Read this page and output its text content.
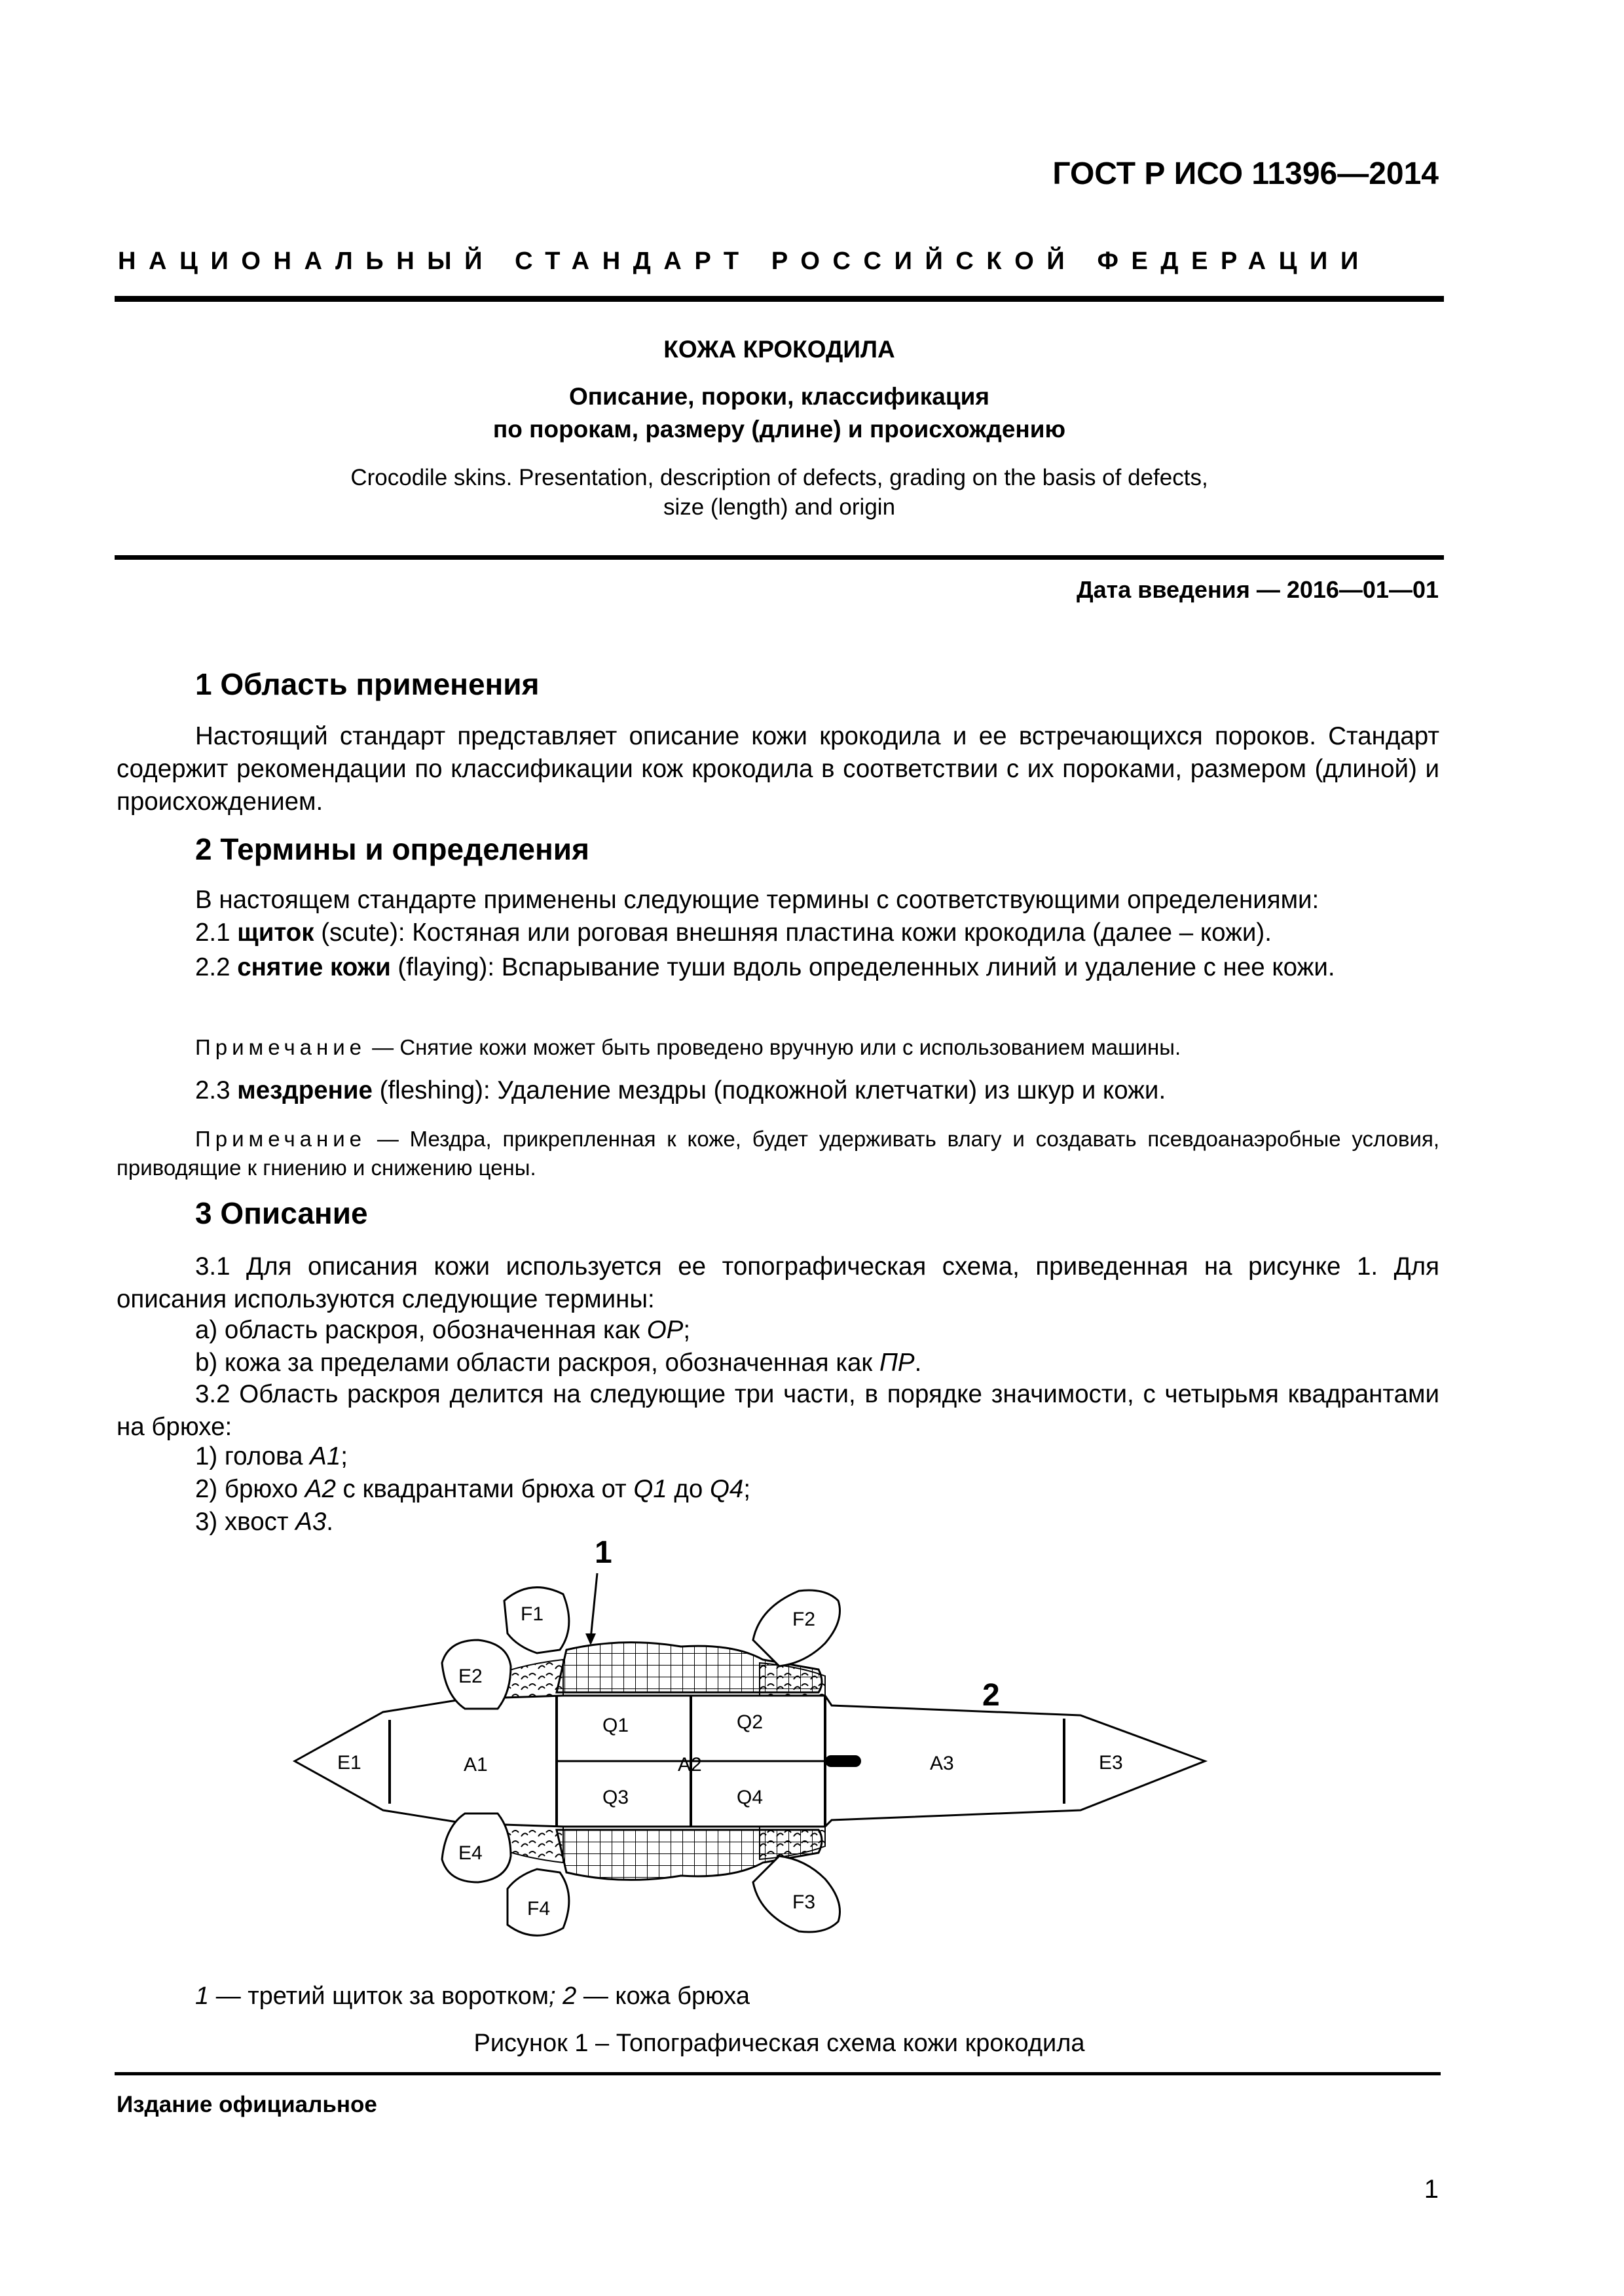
ГОСТ Р ИСО 11396—2014
НАЦИОНАЛЬНЫЙ СТАНДАРТ РОССИЙСКОЙ ФЕДЕРАЦИИ
КОЖА КРОКОДИЛА
Описание, пороки, классификация
по порокам, размеру (длине) и происхождению
Crocodile skins. Presentation, description of defects, grading on the basis of defects,
size (length) and origin
Дата введения — 2016—01—01
1 Область применения
Настоящий стандарт представляет описание кожи крокодила и ее встречающихся пороков. Стандарт содержит рекомендации по классификации кож крокодила в соответствии с их пороками, размером (длиной) и происхождением.
2 Термины и определения
В настоящем стандарте применены следующие термины с соответствующими определениями:
2.1 щиток (scute): Костяная или роговая внешняя пластина кожи крокодила (далее – кожи).
2.2 снятие кожи (flaying): Вспарывание туши вдоль определенных линий и удаление с нее кожи.
Примечание — Снятие кожи может быть проведено вручную или с использованием машины.
2.3 мездрение (fleshing): Удаление мездры (подкожной клетчатки) из шкур и кожи.
Примечание — Мездра, прикрепленная к коже, будет удерживать влагу и создавать псевдоанаэробные условия, приводящие к гниению и снижению цены.
3 Описание
3.1 Для описания кожи используется ее топографическая схема, приведенная на рисунке 1. Для описания используются следующие термины:
a) область раскроя, обозначенная как OP;
b) кожа за пределами области раскроя, обозначенная как ПР.
3.2 Область раскроя делится на следующие три части, в порядке значимости, с четырьмя квадрантами на брюхе:
1) голова A1;
2) брюхо A2 с квадрантами брюха от Q1 до Q4;
3) хвост A3.
1
2
E1
E2
E3
E4
F1	F2
F3
F4
A1	A2	A3
Q1	Q2
Q3	Q4
1 — третий щиток за воротком; 2 — кожа брюха
Рисунок 1 – Топографическая схема кожи крокодила
Издание официальное
1
